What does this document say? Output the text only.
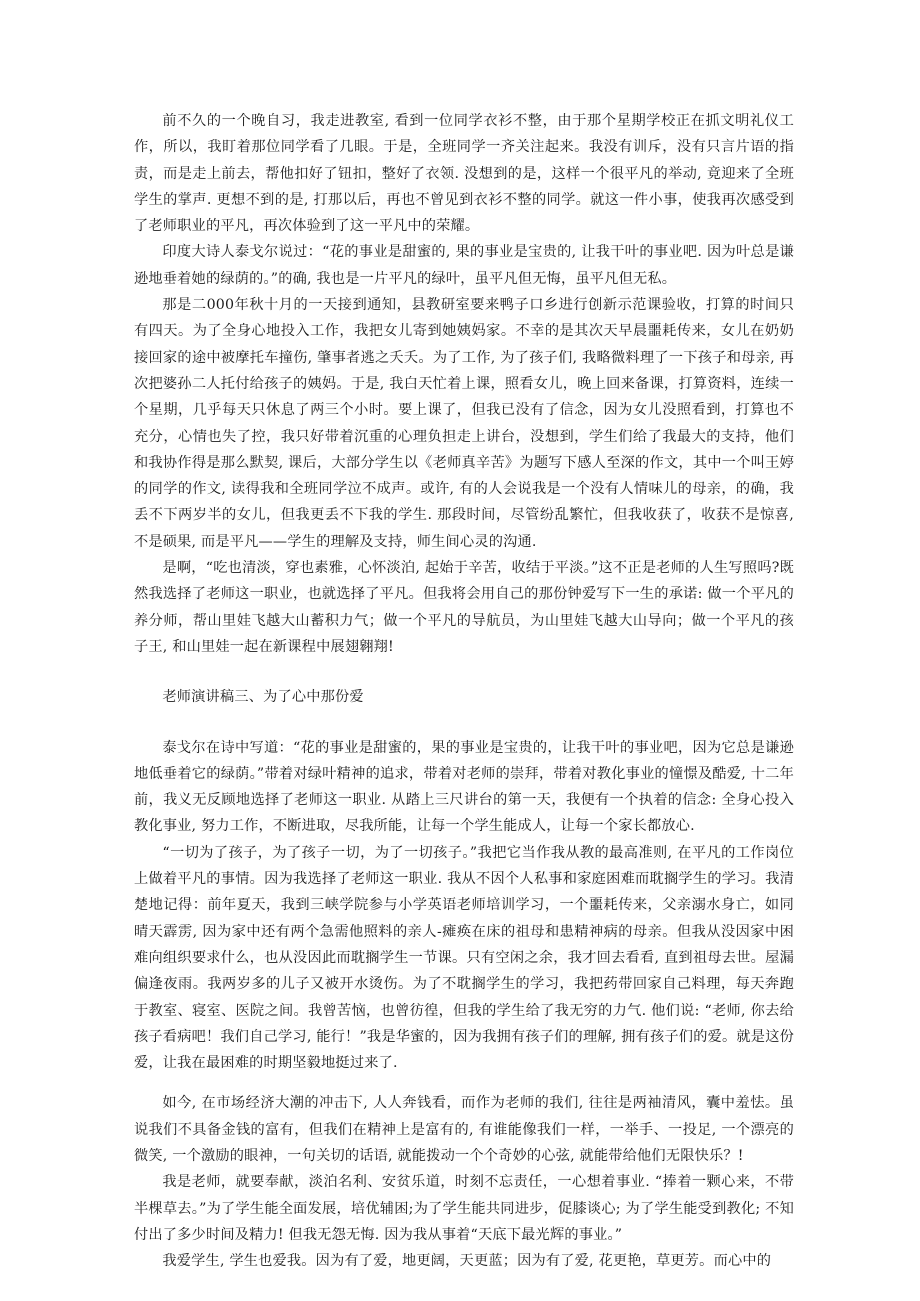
前不久的一个晚自习，我走进教室, 看到一位同学衣衫不整，由于那个星期学校正在抓文明礼仪工作，所以，我盯着那位同学看了几眼。于是，全班同学一齐关注起来。我没有训斥，没有只言片语的指责，而是走上前去，帮他扣好了钮扣，整好了衣领. 没想到的是，这样一个很平凡的举动, 竟迎来了全班学生的掌声. 更想不到的是, 打那以后，再也不曾见到衣衫不整的同学。就这一件小事，使我再次感受到了老师职业的平凡，再次体验到了这一平凡中的荣耀。

印度大诗人泰戈尔说过：“花的事业是甜蜜的, 果的事业是宝贵的, 让我干叶的事业吧. 因为叶总是谦逊地垂着她的绿荫的。”的确, 我也是一片平凡的绿叶，虽平凡但无悔，虽平凡但无私。

那是二000年秋十月的一天接到通知，县教研室要来鸭子口乡进行创新示范课验收，打算的时间只有四天。为了全身心地投入工作，我把女儿寄到她姨妈家。不幸的是其次天早晨噩耗传来，女儿在奶奶接回家的途中被摩托车撞伤, 肇事者逃之夭夭。为了工作, 为了孩子们, 我略微料理了一下孩子和母亲, 再次把婆孙二人托付给孩子的姨妈。于是, 我白天忙着上课，照看女儿，晚上回来备课，打算资料，连续一个星期，几乎每天只休息了两三个小时。要上课了，但我已没有了信念，因为女儿没照看到，打算也不充分，心情也失了控，我只好带着沉重的心理负担走上讲台，没想到，学生们给了我最大的支持，他们和我协作得是那么默契, 课后，大部分学生以《老师真辛苦》为题写下感人至深的作文，其中一个叫王婷的同学的作文, 读得我和全班同学泣不成声。或许, 有的人会说我是一个没有人情味儿的母亲，的确，我丢不下两岁半的女儿，但我更丢不下我的学生. 那段时间，尽管纷乱繁忙，但我收获了，收获不是惊喜, 不是硕果, 而是平凡——学生的理解及支持，师生间心灵的沟通.

是啊，“吃也清淡，穿也素雅，心怀淡泊, 起始于辛苦，收结于平淡。”这不正是老师的人生写照吗?既然我选择了老师这一职业，也就选择了平凡。但我将会用自己的那份钟爱写下一生的承诺: 做一个平凡的养分师，帮山里娃飞越大山蓄积力气；做一个平凡的导航员，为山里娃飞越大山导向；做一个平凡的孩子王, 和山里娃一起在新课程中展翅翱翔!

老师演讲稿三、为了心中那份爱

泰戈尔在诗中写道：“花的事业是甜蜜的，果的事业是宝贵的，让我干叶的事业吧，因为它总是谦逊地低垂着它的绿荫。”带着对绿叶精神的追求，带着对老师的崇拜，带着对教化事业的憧憬及酷爱, 十二年前，我义无反顾地选择了老师这一职业. 从踏上三尺讲台的第一天，我便有一个执着的信念: 全身心投入教化事业, 努力工作，不断进取，尽我所能，让每一个学生能成人，让每一个家长都放心.

“一切为了孩子，为了孩子一切，为了一切孩子。”我把它当作我从教的最高准则, 在平凡的工作岗位上做着平凡的事情。因为我选择了老师这一职业. 我从不因个人私事和家庭困难而耽搁学生的学习。我清楚地记得：前年夏天，我到三峡学院参与小学英语老师培训学习，一个噩耗传来，父亲溺水身亡，如同晴天霹雳, 因为家中还有两个急需他照料的亲人-瘫痪在床的祖母和患精神病的母亲。但我从没因家中困难向组织要求什么，也从没因此而耽搁学生一节课。只有空闲之余，我才回去看看, 直到祖母去世。屋漏偏逢夜雨。我两岁多的儿子又被开水烫伤。为了不耽搁学生的学习，我把药带回家自己料理，每天奔跑于教室、寝室、医院之间。我曾苦恼，也曾彷徨，但我的学生给了我无穷的力气. 他们说: “老师, 你去给孩子看病吧！我们自己学习, 能行！”我是华蜜的，因为我拥有孩子们的理解, 拥有孩子们的爱。就是这份爱，让我在最困难的时期坚毅地挺过来了.

如今, 在市场经济大潮的冲击下, 人人奔钱看，而作为老师的我们, 往往是两袖清风，囊中羞怯。虽说我们不具备金钱的富有，但我们在精神上是富有的, 有谁能像我们一样，一举手、一投足, 一个漂亮的微笑, 一个激励的眼神，一句关切的话语, 就能拨动一个个奇妙的心弦, 就能带给他们无限快乐？!

我是老师，就要奉献，淡泊名利、安贫乐道，时刻不忘责任，一心想着事业. “捧着一颗心来，不带半棵草去。”为了学生能全面发展，培优辅困;为了学生能共同进步，促膝谈心; 为了学生能受到教化; 不知付出了多少时间及精力! 但我无怨无悔. 因为我从事着“天底下最光辉的事业。”

我爱学生, 学生也爱我。因为有了爱，地更阔，天更蓝；因为有了爱, 花更艳，草更芳。而心中的
